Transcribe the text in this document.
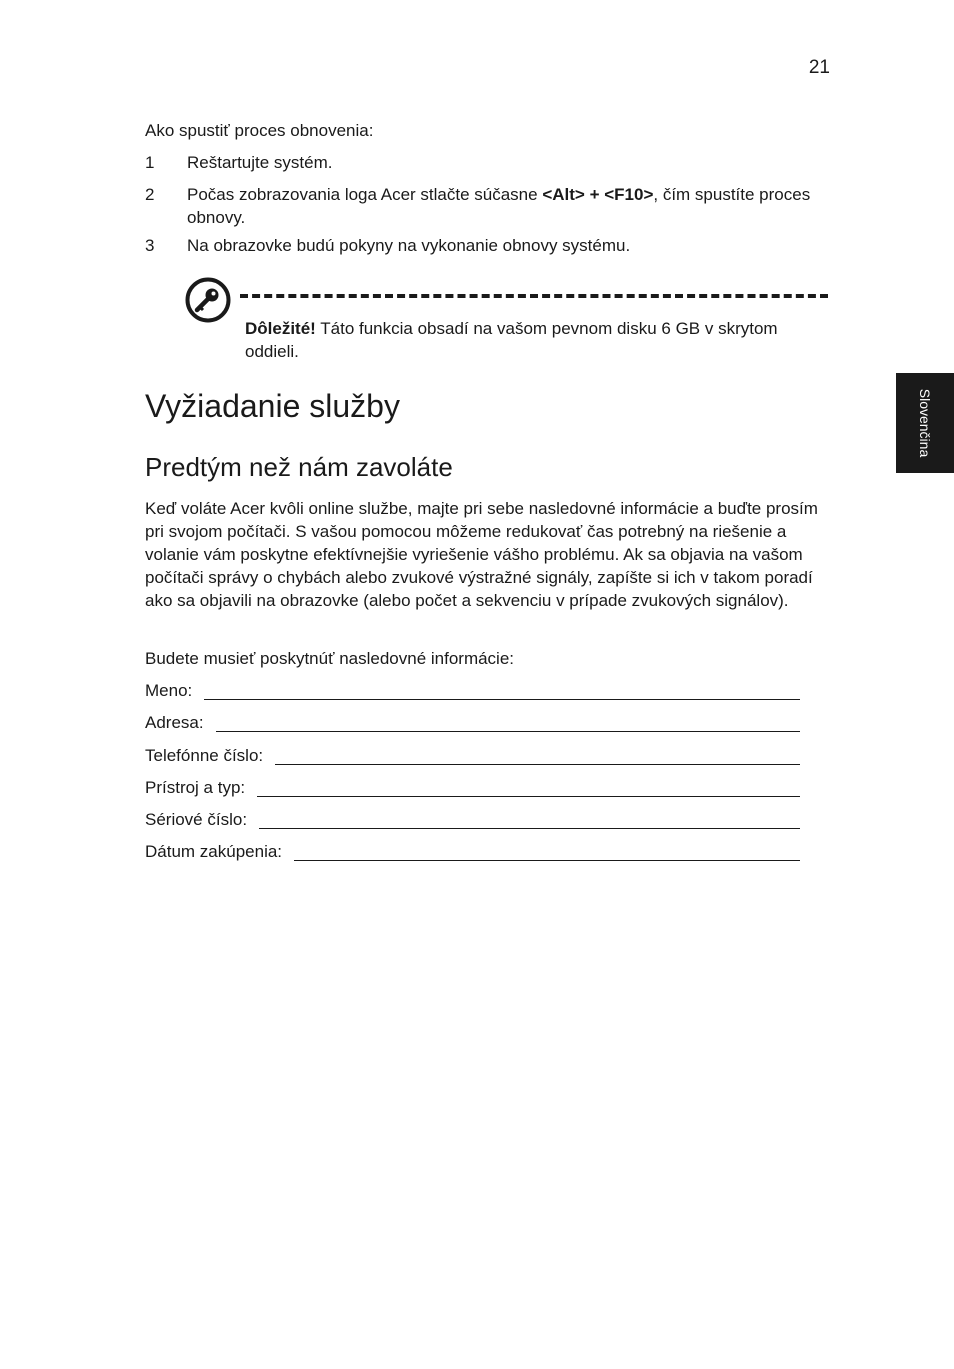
21
Slovenčina
Ako spustiť proces obnovenia:
1 Reštartujte systém.
2 Počas zobrazovania loga Acer stlačte súčasne <Alt> + <F10>, čím spustíte proces obnovy.
3 Na obrazovke budú pokyny na vykonanie obnovy systému.
Dôležité! Táto funkcia obsadí na vašom pevnom disku 6 GB v skrytom oddieli.
Vyžiadanie služby
Predtým než nám zavoláte
Keď voláte Acer kvôli online službe, majte pri sebe nasledovné informácie a buďte prosím pri svojom počítači. S vašou pomocou môžeme redukovať čas potrebný na riešenie a volanie vám poskytne efektívnejšie vyriešenie vášho problému. Ak sa objavia na vašom počítači správy o chybách alebo zvukové výstražné signály, zapíšte si ich v takom poradí ako sa objavili na obrazovke (alebo počet a sekvenciu v prípade zvukových signálov).
Budete musieť poskytnúť nasledovné informácie:
Meno:
Adresa:
Telefónne číslo:
Prístroj a typ:
Sériové číslo:
Dátum zakúpenia:
